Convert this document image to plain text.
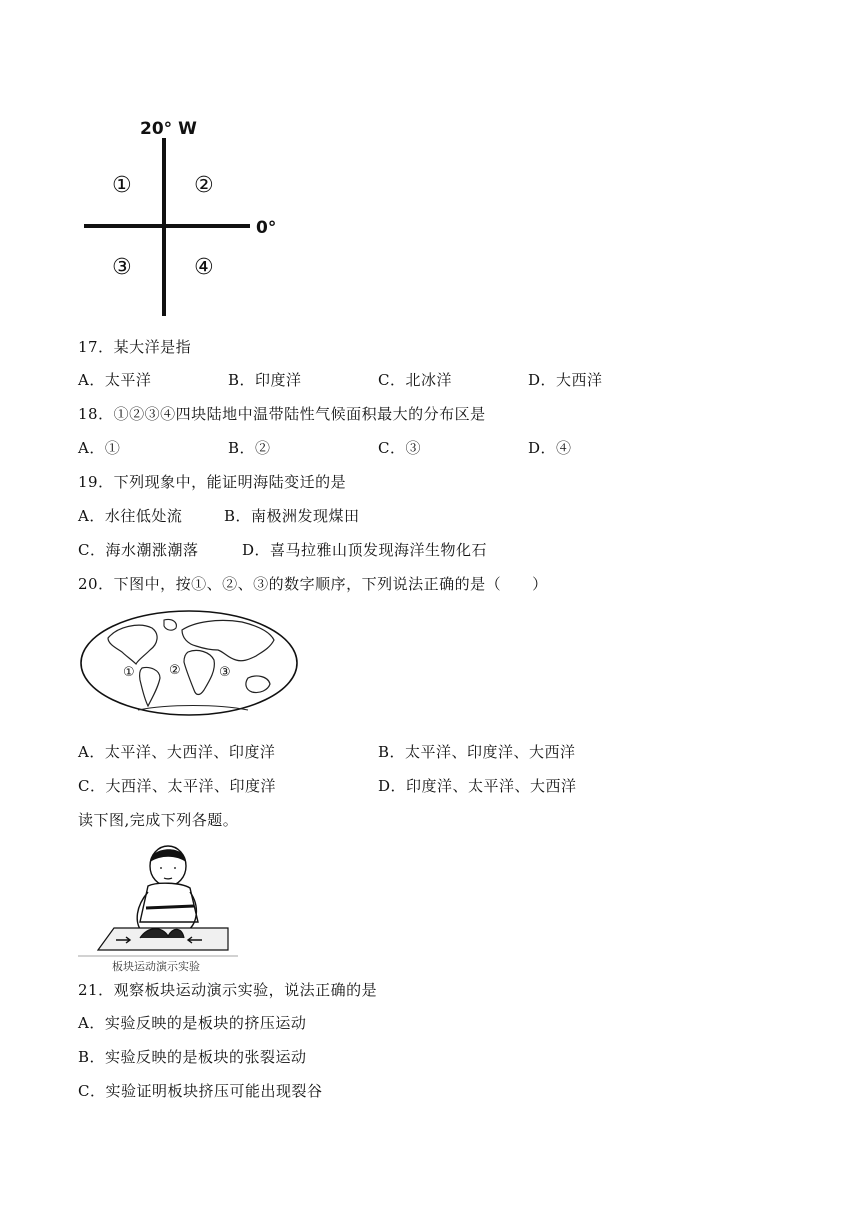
20° W
0°
①	②
③	④
17．某大洋是指
A．太平洋	B．印度洋	C．北冰洋	D．大西洋
18．①②③④四块陆地中温带陆性气候面积最大的分布区是
A．①	B．②	C．③	D．④
19．下列现象中，能证明海陆变迁的是
A．水往低处流	B．南极洲发现煤田
C．海水潮涨潮落	D．喜马拉雅山顶发现海洋生物化石
20．下图中，按①、②、③的数字顺序，下列说法正确的是（　　）
①	②	③
A．太平洋、大西洋、印度洋	B．太平洋、印度洋、大西洋
C．大西洋、太平洋、印度洋	D．印度洋、太平洋、大西洋
读下图,完成下列各题。
板块运动演示实验
21．观察板块运动演示实验，说法正确的是
A．实验反映的是板块的挤压运动
B．实验反映的是板块的张裂运动
C．实验证明板块挤压可能出现裂谷
